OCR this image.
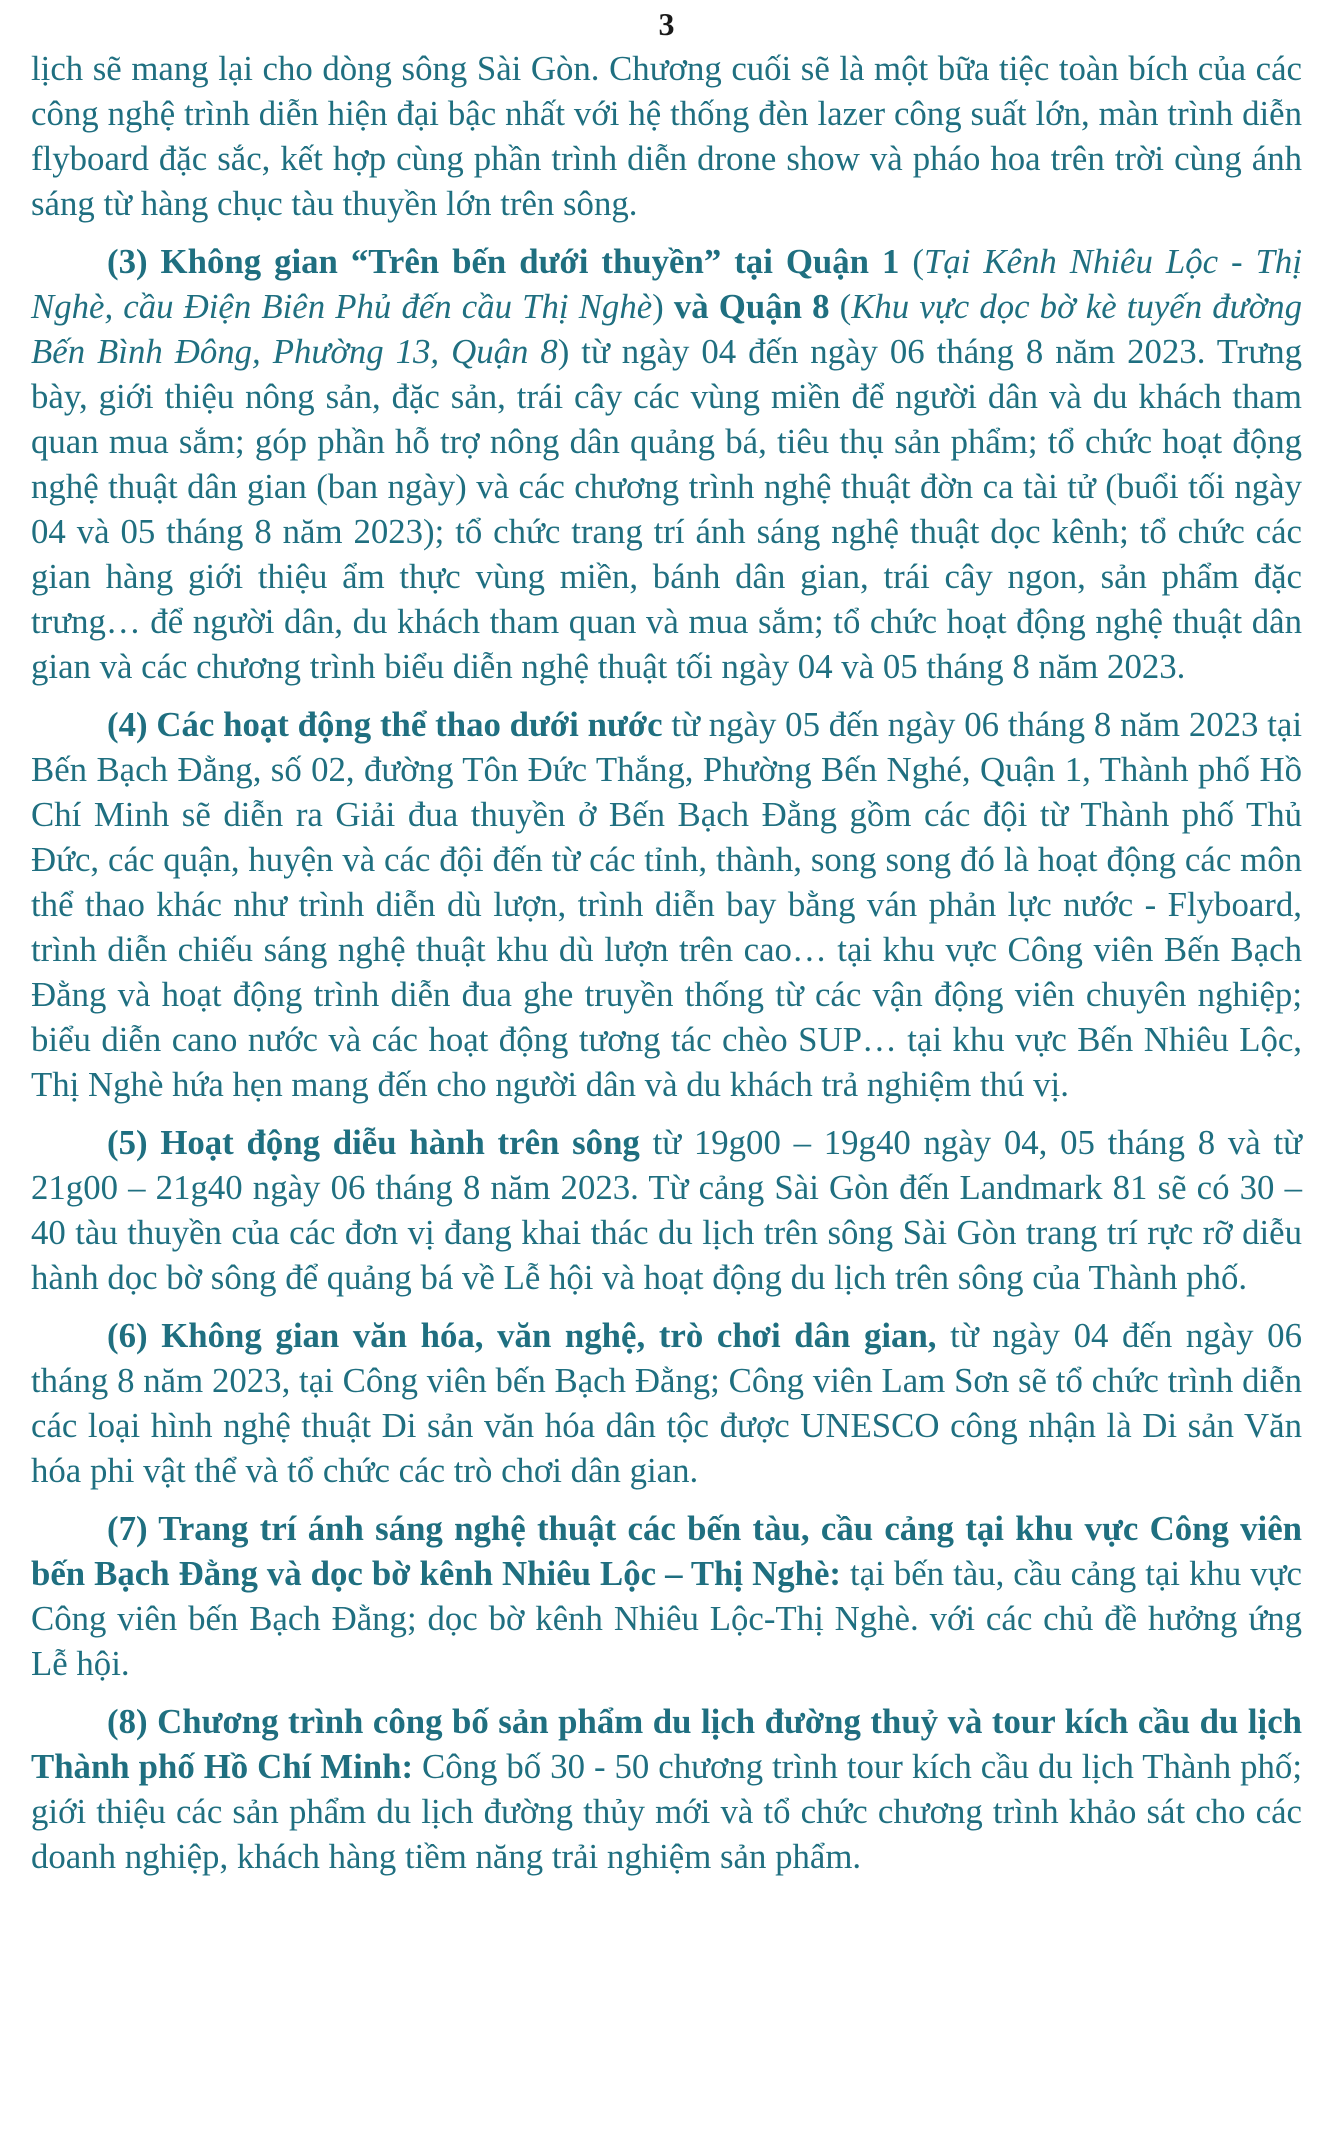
3

lịch sẽ mang lại cho dòng sông Sài Gòn. Chương cuối sẽ là một bữa tiệc toàn bích của các công nghệ trình diễn hiện đại bậc nhất với hệ thống đèn lazer công suất lớn, màn trình diễn flyboard đặc sắc, kết hợp cùng phần trình diễn drone show và pháo hoa trên trời cùng ánh sáng từ hàng chục tàu thuyền lớn trên sông.

(3) Không gian “Trên bến dưới thuyền” tại Quận 1 (Tại Kênh Nhiêu Lộc - Thị Nghè, cầu Điện Biên Phủ đến cầu Thị Nghè) và Quận 8 (Khu vực dọc bờ kè tuyến đường Bến Bình Đông, Phường 13, Quận 8) từ ngày 04 đến ngày 06 tháng 8 năm 2023. Trưng bày, giới thiệu nông sản, đặc sản, trái cây các vùng miền để người dân và du khách tham quan mua sắm; góp phần hỗ trợ nông dân quảng bá, tiêu thụ sản phẩm; tổ chức hoạt động nghệ thuật dân gian (ban ngày) và các chương trình nghệ thuật đờn ca tài tử (buổi tối ngày 04 và 05 tháng 8 năm 2023); tổ chức trang trí ánh sáng nghệ thuật dọc kênh; tổ chức các gian hàng giới thiệu ẩm thực vùng miền, bánh dân gian, trái cây ngon, sản phẩm đặc trưng… để người dân, du khách tham quan và mua sắm; tổ chức hoạt động nghệ thuật dân gian và các chương trình biểu diễn nghệ thuật tối ngày 04 và 05 tháng 8 năm 2023.

(4) Các hoạt động thể thao dưới nước từ ngày 05 đến ngày 06 tháng 8 năm 2023 tại Bến Bạch Đằng, số 02, đường Tôn Đức Thắng, Phường Bến Nghé, Quận 1, Thành phố Hồ Chí Minh sẽ diễn ra Giải đua thuyền ở Bến Bạch Đằng gồm các đội từ Thành phố Thủ Đức, các quận, huyện và các đội đến từ các tỉnh, thành, song song đó là hoạt động các môn thể thao khác như trình diễn dù lượn, trình diễn bay bằng ván phản lực nước - Flyboard, trình diễn chiếu sáng nghệ thuật khu dù lượn trên cao… tại khu vực Công viên Bến Bạch Đằng và hoạt động trình diễn đua ghe truyền thống từ các vận động viên chuyên nghiệp; biểu diễn cano nước và các hoạt động tương tác chèo SUP… tại khu vực Bến Nhiêu Lộc, Thị Nghè hứa hẹn mang đến cho người dân và du khách trả nghiệm thú vị.

(5) Hoạt động diễu hành trên sông từ 19g00 – 19g40 ngày 04, 05 tháng 8 và từ 21g00 – 21g40 ngày 06 tháng 8 năm 2023. Từ cảng Sài Gòn đến Landmark 81 sẽ có 30 – 40 tàu thuyền của các đơn vị đang khai thác du lịch trên sông Sài Gòn trang trí rực rỡ diễu hành dọc bờ sông để quảng bá về Lễ hội và hoạt động du lịch trên sông của Thành phố.

(6) Không gian văn hóa, văn nghệ, trò chơi dân gian, từ ngày 04 đến ngày 06 tháng 8 năm 2023, tại Công viên bến Bạch Đằng; Công viên Lam Sơn sẽ tổ chức trình diễn các loại hình nghệ thuật Di sản văn hóa dân tộc được UNESCO công nhận là Di sản Văn hóa phi vật thể và tổ chức các trò chơi dân gian.

(7) Trang trí ánh sáng nghệ thuật các bến tàu, cầu cảng tại khu vực Công viên bến Bạch Đằng và dọc bờ kênh Nhiêu Lộc – Thị Nghè: tại bến tàu, cầu cảng tại khu vực Công viên bến Bạch Đằng; dọc bờ kênh Nhiêu Lộc-Thị Nghè. với các chủ đề hưởng ứng Lễ hội.

(8) Chương trình công bố sản phẩm du lịch đường thuỷ và tour kích cầu du lịch Thành phố Hồ Chí Minh: Công bố 30 - 50 chương trình tour kích cầu du lịch Thành phố; giới thiệu các sản phẩm du lịch đường thủy mới và tổ chức chương trình khảo sát cho các doanh nghiệp, khách hàng tiềm năng trải nghiệm sản phẩm.
